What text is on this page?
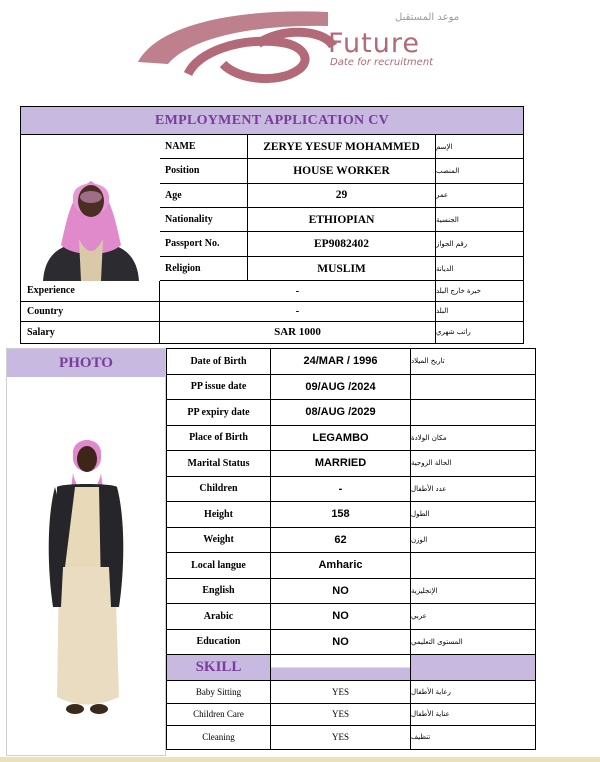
موعد المستقبل
Future
Date for recruitment
EMPLOYMENT APPLICATION CV
NAME	ZERYE YESUF MOHAMMED	الإسم
Position	HOUSE WORKER	المنصب
Age	29	عمر
Nationality	ETHIOPIAN	الجنسية
Passport No.	EP9082402	رقم الجواز
Religion	MUSLIM	الديانة
Experience	-	خبرة خارج البلد
Country	-	البلد
Salary	SAR 1000	راتب شهري
PHOTO	Date of Birth	24/MAR / 1996	تاريخ الميلاد
PP issue date	09/AUG /2024
PP expiry date	08/AUG /2029
Place of Birth	LEGAMBO	مكان الولادة
Marital Status	MARRIED	الحالة الزوجية
Children	-	عدد الأطفال
Height	158	الطول
Weight	62	الوزن
Local langue	Amharic
English	NO	الإنجليزية
Arabic	NO	عربي
Education	NO	المستوى التعليمي
SKILL
Baby Sitting	YES	رعاية الأطفال
Children Care	YES	عناية الأطفال
Cleaning	YES	تنظيف
